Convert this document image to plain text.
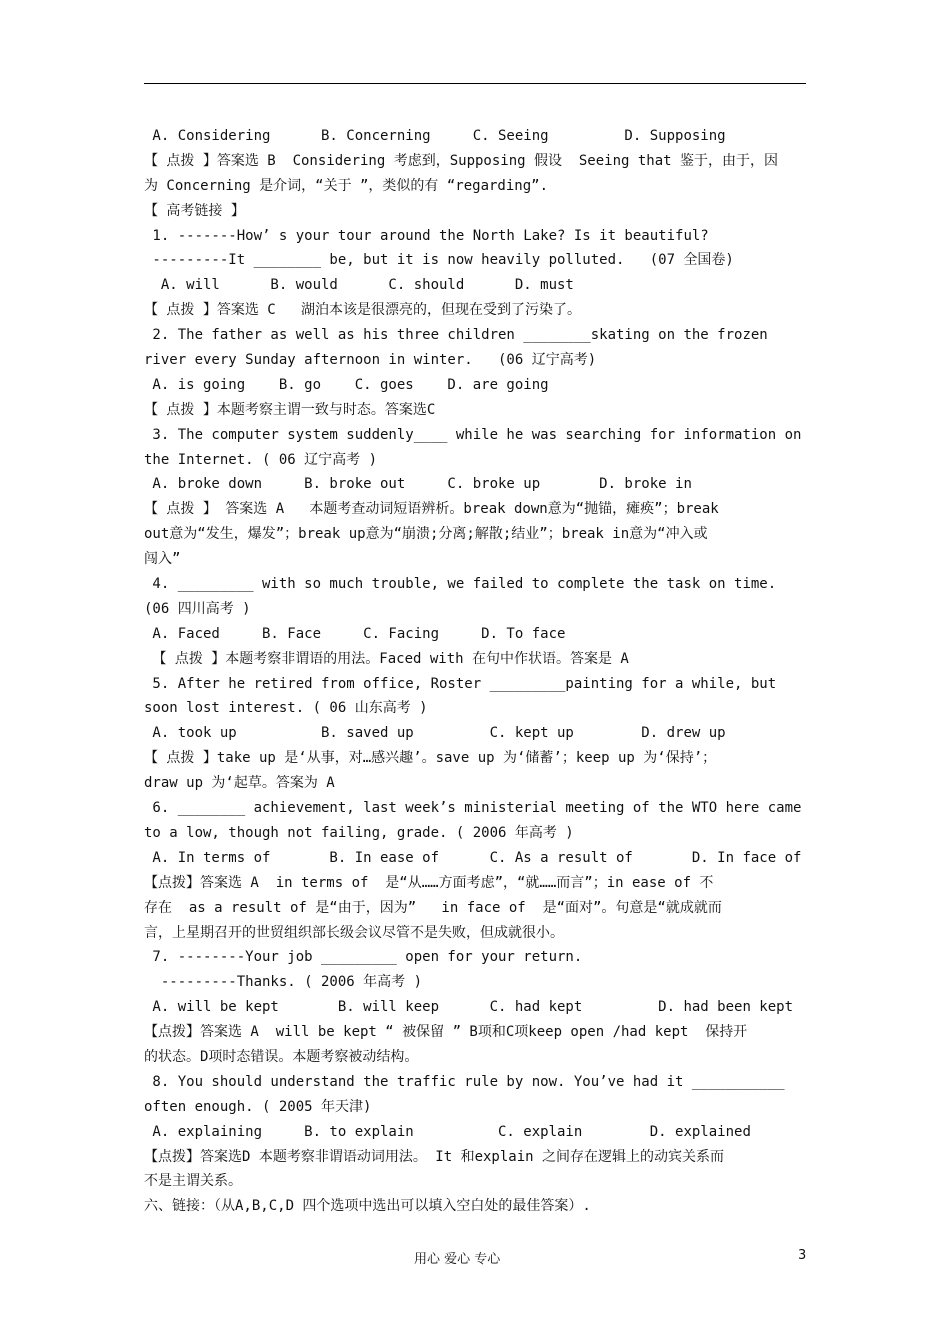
A. Considering      B. Concerning     C. Seeing         D. Supposing
【 点拨 】答案选 B  Considering 考虑到，Supposing 假设  Seeing that 鉴于，由于，因
为 Concerning 是介词，“关于 ”，类似的有 “regarding”.
【 高考链接 】
1. -------How’ s your tour around the North Lake? Is it beautiful?
---------It ________ be, but it is now heavily polluted.   (07 全国卷)
A. will      B. would      C. should      D. must
【 点拨 】答案选 C   湖泊本该是很漂亮的，但现在受到了污染了。
2. The father as well as his three children ________skating on the frozen
river every Sunday afternoon in winter.   (06 辽宁高考)
A. is going    B. go    C. goes    D. are going
【 点拨 】本题考察主谓一致与时态。答案选C
3. The computer system suddenly____ while he was searching for information on
the Internet. ( 06 辽宁高考 )
A. broke down     B. broke out     C. broke up       D. broke in
【 点拨 】 答案选 A   本题考查动词短语辨析。break down意为“抛锚，瘫痪”；break
out意为“发生，爆发”；break up意为“崩溃;分离;解散;结业”；break in意为“冲入或
闯入”
4. _________ with so much trouble, we failed to complete the task on time.
(06 四川高考 )
A. Faced     B. Face     C. Facing     D. To face
【 点拨 】本题考察非谓语的用法。Faced with 在句中作状语。答案是 A
5. After he retired from office, Roster _________painting for a while, but
soon lost interest. ( 06 山东高考 )
A. took up          B. saved up         C. kept up        D. drew up
【 点拨 】take up 是‘从事，对…感兴趣’。save up 为‘储蓄’；keep up 为‘保持’；
draw up 为‘起草。答案为 A
6. ________ achievement, last week’s ministerial meeting of the WTO here came
to a low, though not failing, grade. ( 2006 年高考 )
A. In terms of       B. In ease of      C. As a result of       D. In face of
【点拨】答案选 A  in terms of  是“从……方面考虑”，“就……而言”；in ease of 不
存在  as a result of 是“由于，因为”   in face of  是“面对”。句意是“就成就而
言，上星期召开的世贸组织部长级会议尽管不是失败，但成就很小。
7. --------Your job _________ open for your return.
---------Thanks. ( 2006 年高考 )
A. will be kept       B. will keep      C. had kept         D. had been kept
【点拨】答案选 A  will be kept “ 被保留 ” B项和C项keep open /had kept  保持开
的状态。D项时态错误。本题考察被动结构。
8. You should understand the traffic rule by now. You’ve had it ___________
often enough. ( 2005 年天津)
A. explaining     B. to explain          C. explain        D. explained
【点拨】答案选D 本题考察非谓语动词用法。 It 和explain 之间存在逻辑上的动宾关系而
不是主谓关系。
六、链接：（从A,B,C,D 四个选项中选出可以填入空白处的最佳答案）.
用心 爱心 专心	3
